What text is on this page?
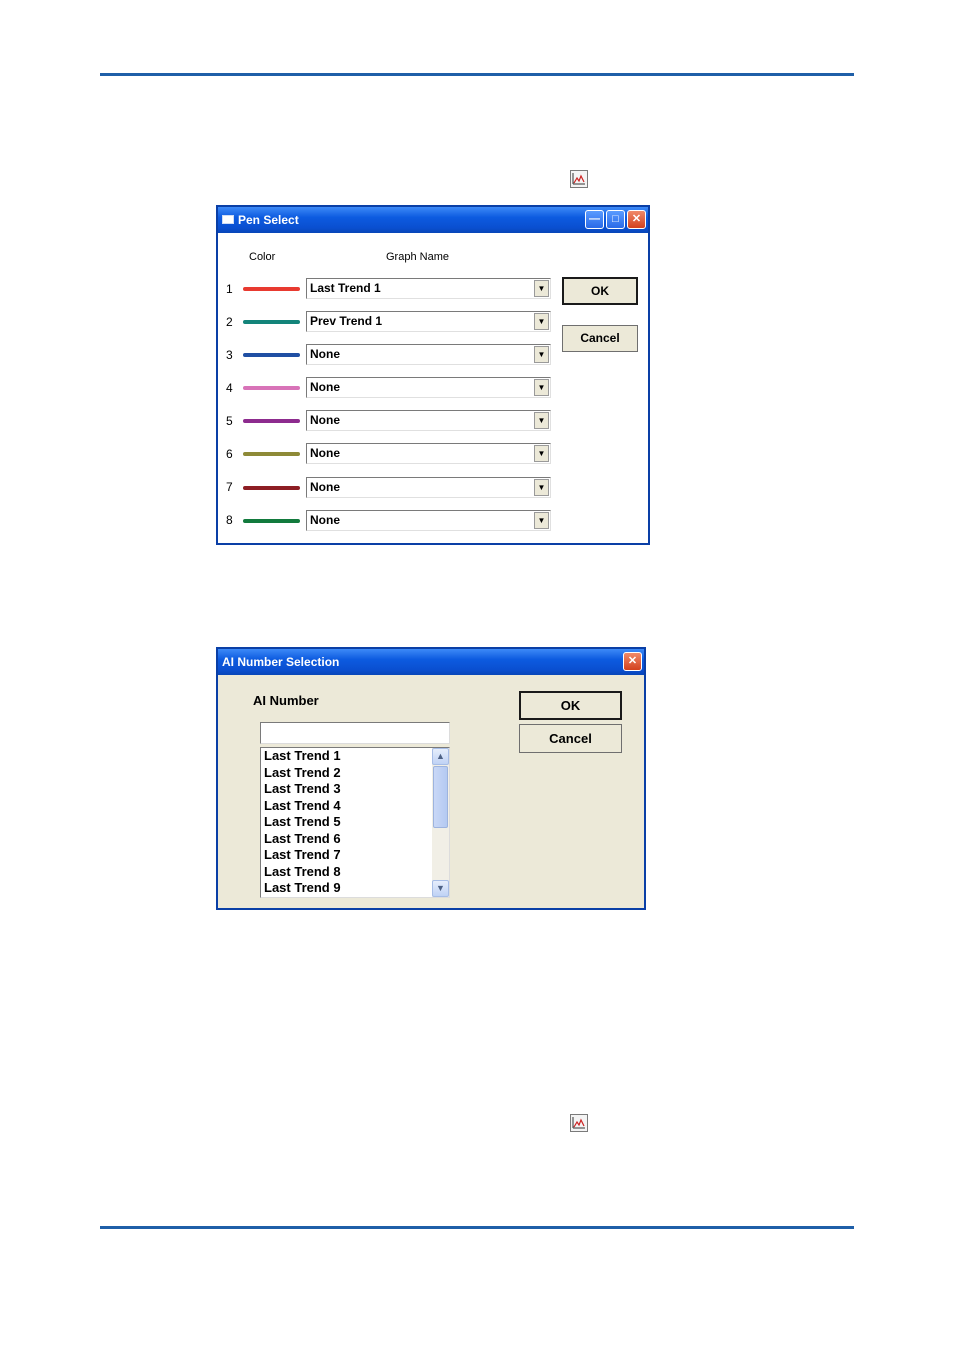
Pen Select	—	□	✕
Color	Graph Name
1	Last Trend 1	▼
2	Prev Trend 1	▼
3	None	▼
4	None	▼
5	None	▼
6	None	▼
7	None	▼
8	None	▼
OK
Cancel
AI Number Selection	✕
AI Number
Last Trend 1
Last Trend 2
Last Trend 3
Last Trend 4
Last Trend 5
Last Trend 6
Last Trend 7
Last Trend 8
Last Trend 9
▲
▼
OK
Cancel
